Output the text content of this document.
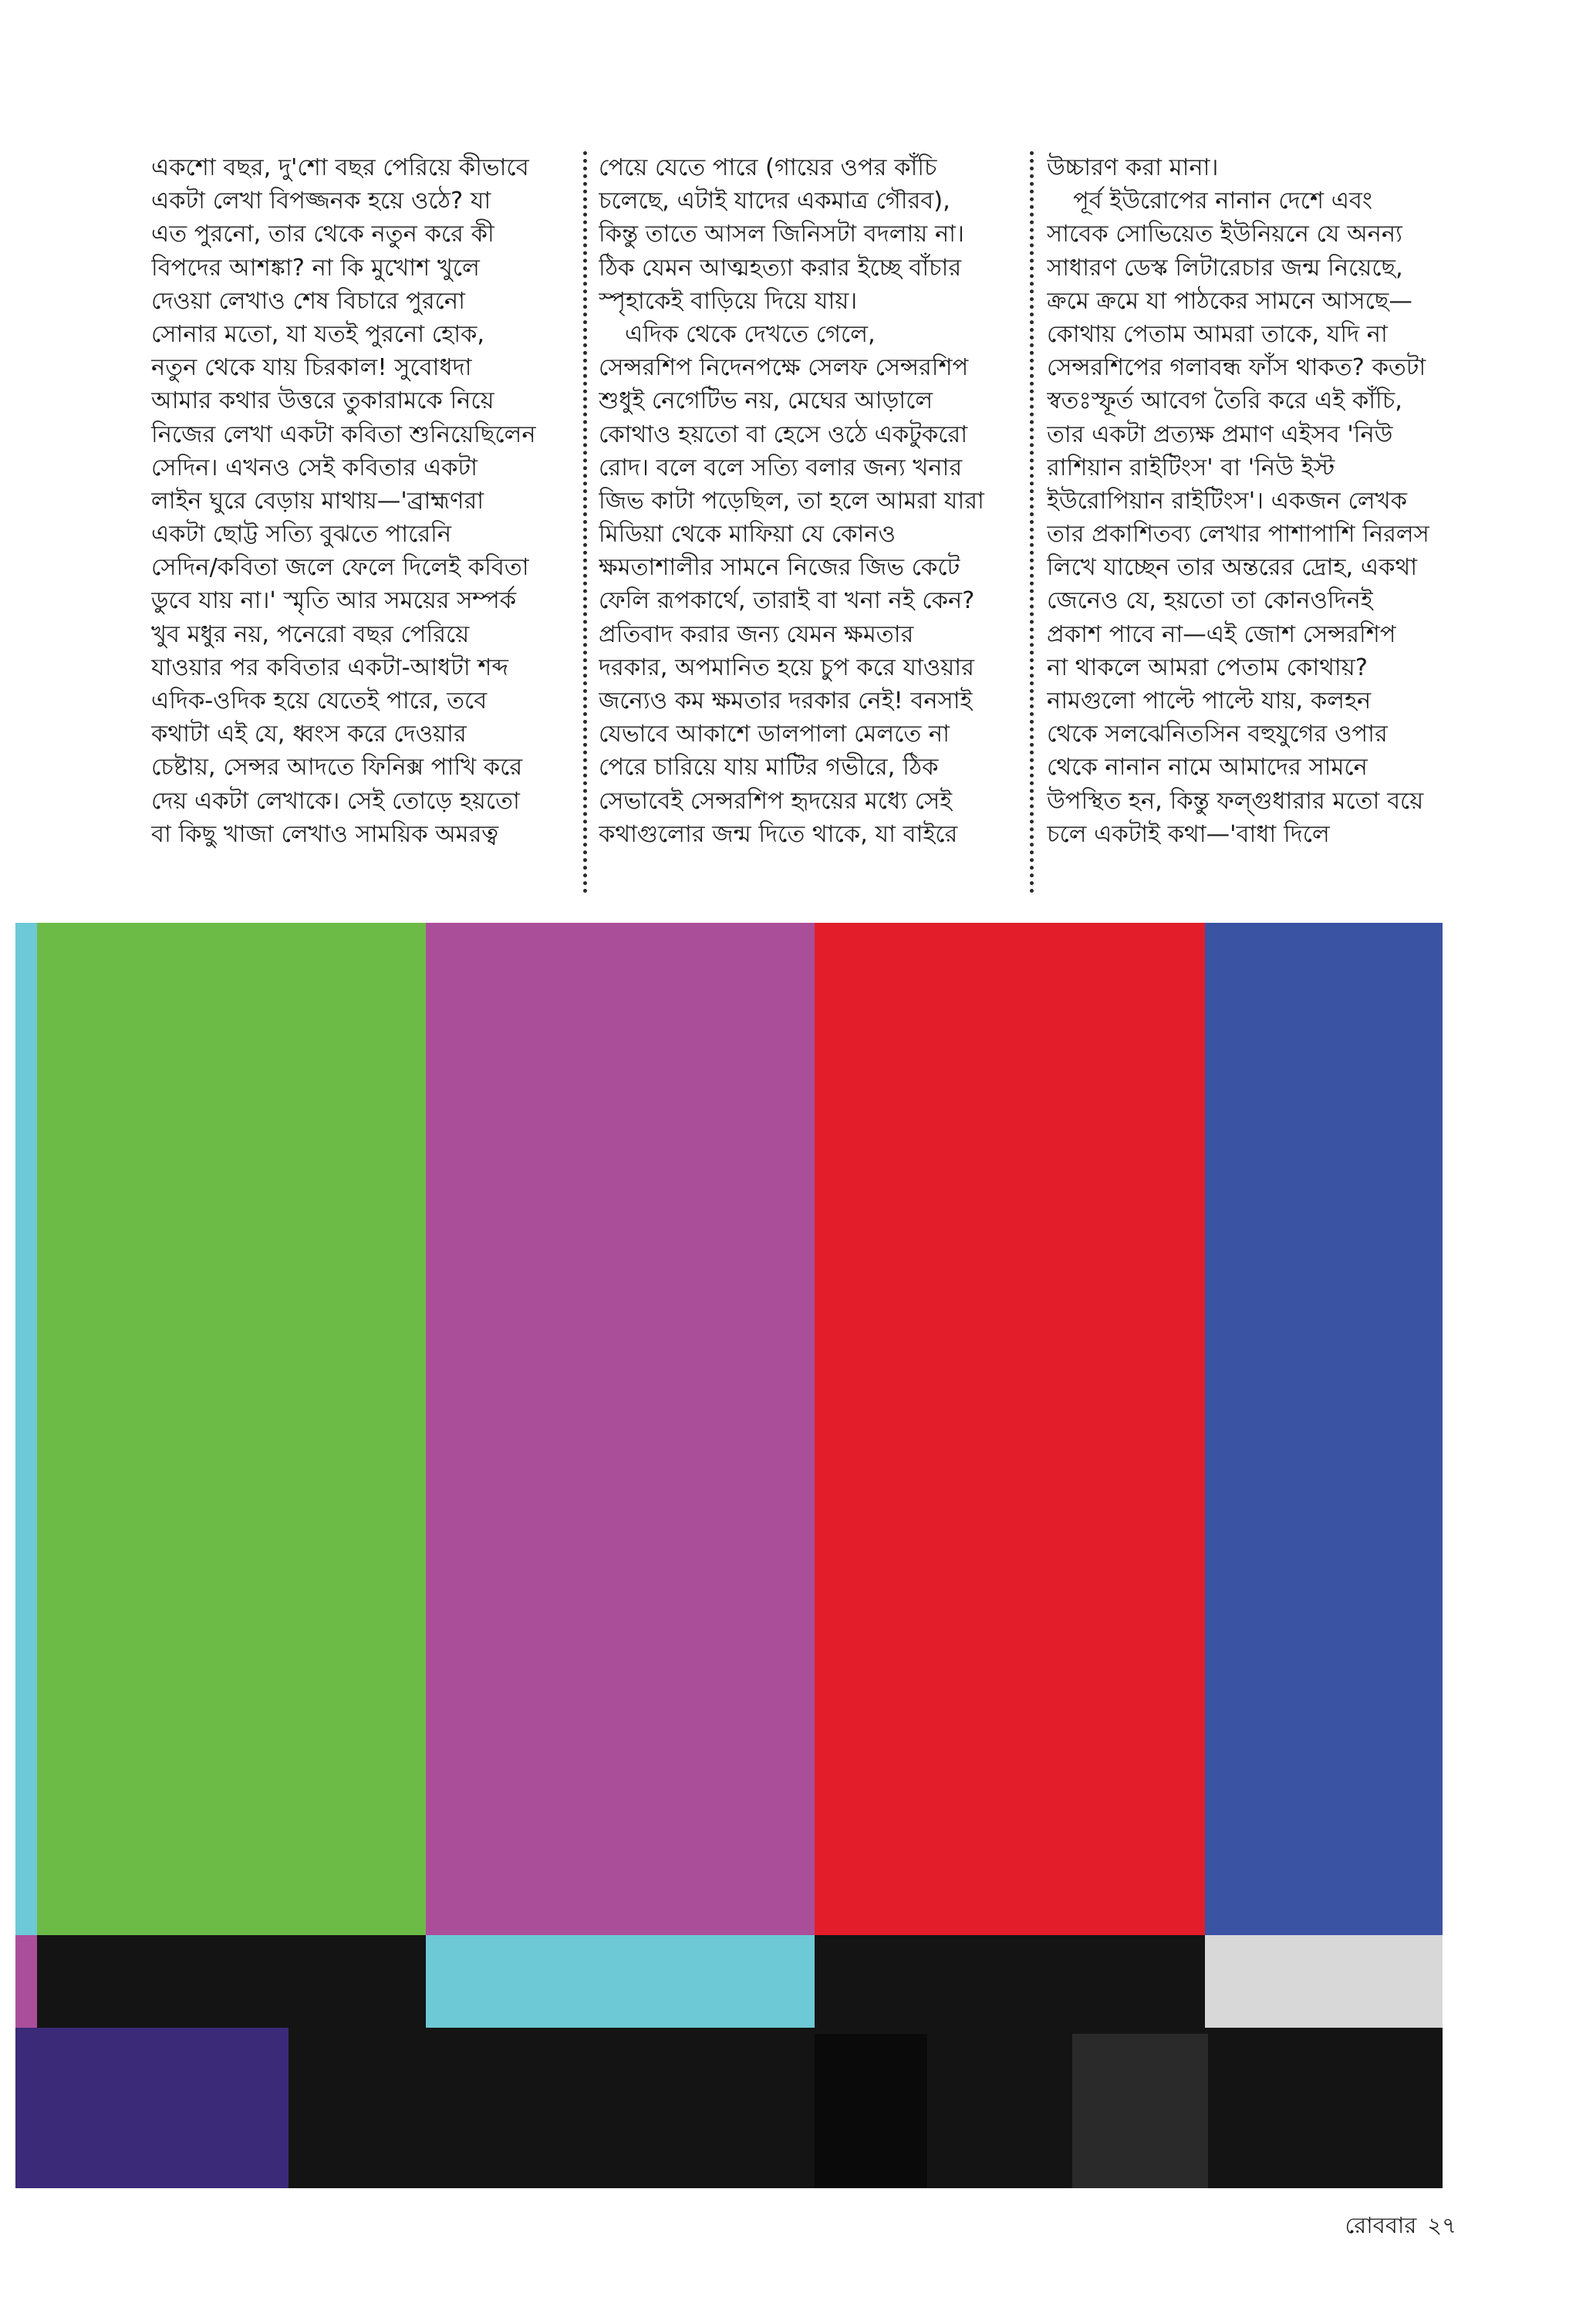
একশো বছর, দু'শো বছর পেরিয়ে কীভাবে
একটা লেখা বিপজ্জনক হয়ে ওঠে? যা
এত পুরনো, তার থেকে নতুন করে কী
বিপদের আশঙ্কা? না কি মুখোশ খুলে
দেওয়া লেখাও শেষ বিচারে পুরনো
সোনার মতো, যা যতই পুরনো হোক,
নতুন থেকে যায় চিরকাল! সুবোধদা
আমার কথার উত্তরে তুকারামকে নিয়ে
নিজের লেখা একটা কবিতা শুনিয়েছিলেন
সেদিন। এখনও সেই কবিতার একটা
লাইন ঘুরে বেড়ায় মাথায়—'ব্রাহ্মণরা
একটা ছোট্ট সত্যি বুঝতে পারেনি
সেদিন/কবিতা জলে ফেলে দিলেই কবিতা
ডুবে যায় না।' স্মৃতি আর সময়ের সম্পর্ক
খুব মধুর নয়, পনেরো বছর পেরিয়ে
যাওয়ার পর কবিতার একটা-আধটা শব্দ
এদিক-ওদিক হয়ে যেতেই পারে, তবে
কথাটা এই যে, ধ্বংস করে দেওয়ার
চেষ্টায়, সেন্সর আদতে ফিনিক্স পাখি করে
দেয় একটা লেখাকে। সেই তোড়ে হয়তো
বা কিছু খাজা লেখাও সাময়িক অমরত্ব
পেয়ে যেতে পারে (গায়ের ওপর কাঁচি
চলেছে, এটাই যাদের একমাত্র গৌরব),
কিন্তু তাতে আসল জিনিসটা বদলায় না।
ঠিক যেমন আত্মহত্যা করার ইচ্ছে বাঁচার
স্পৃহাকেই বাড়িয়ে দিয়ে যায়।
এদিক থেকে দেখতে গেলে,
সেন্সরশিপ নিদেনপক্ষে সেলফ সেন্সরশিপ
শুধুই নেগেটিভ নয়, মেঘের আড়ালে
কোথাও হয়তো বা হেসে ওঠে একটুকরো
রোদ। বলে বলে সত্যি বলার জন্য খনার
জিভ কাটা পড়েছিল, তা হলে আমরা যারা
মিডিয়া থেকে মাফিয়া যে কোনও
ক্ষমতাশালীর সামনে নিজের জিভ কেটে
ফেলি রূপকার্থে, তারাই বা খনা নই কেন?
প্রতিবাদ করার জন্য যেমন ক্ষমতার
দরকার, অপমানিত হয়ে চুপ করে যাওয়ার
জন্যেও কম ক্ষমতার দরকার নেই! বনসাই
যেভাবে আকাশে ডালপালা মেলতে না
পেরে চারিয়ে যায় মাটির গভীরে, ঠিক
সেভাবেই সেন্সরশিপ হৃদয়ের মধ্যে সেই
কথাগুলোর জন্ম দিতে থাকে, যা বাইরে
উচ্চারণ করা মানা।
পূর্ব ইউরোপের নানান দেশে এবং
সাবেক সোভিয়েত ইউনিয়নে যে অনন্য
সাধারণ ডেস্ক লিটারেচার জন্ম নিয়েছে,
ক্রমে ক্রমে যা পাঠকের সামনে আসছে—
কোথায় পেতাম আমরা তাকে, যদি না
সেন্সরশিপের গলাবন্ধ ফাঁস থাকত? কতটা
স্বতঃস্ফূর্ত আবেগ তৈরি করে এই কাঁচি,
তার একটা প্রত্যক্ষ প্রমাণ এইসব 'নিউ
রাশিয়ান রাইটিংস' বা 'নিউ ইস্ট
ইউরোপিয়ান রাইটিংস'। একজন লেখক
তার প্রকাশিতব্য লেখার পাশাপাশি নিরলস
লিখে যাচ্ছেন তার অন্তরের দ্রোহ, একথা
জেনেও যে, হয়তো তা কোনওদিনই
প্রকাশ পাবে না—এই জোশ সেন্সরশিপ
না থাকলে আমরা পেতাম কোথায়?
নামগুলো পাল্টে পাল্টে যায়, কলহন
থেকে সলঝেনিতসিন বহুযুগের ওপার
থেকে নানান নামে আমাদের সামনে
উপস্থিত হন, কিন্তু ফল্গুধারার মতো বয়ে
চলে একটাই কথা—'বাধা দিলে
রোববার ২৭
